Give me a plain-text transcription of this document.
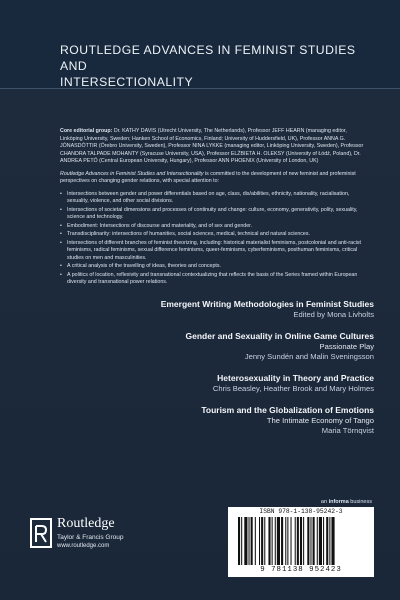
ROUTLEDGE ADVANCES IN FEMINIST STUDIES AND
INTERSECTIONALITY

Core editorial group: Dr. KATHY DAVIS (Utrecht University, The Netherlands), Professor JEFF HEARN (managing editor, Linköping University, Sweden; Hanken School of Economics, Finland; University of Huddersfield, UK), Professor ANNA G. JÓNASDÓTTIR (Örebro University, Sweden), Professor NINA LYKKE (managing editor, Linköping University, Sweden), Professor CHANDRA TALPADE MOHANTY (Syracuse University, USA), Professor ELŻBIETA H. OLEKSY (University of Łódź, Poland), Dr. ANDREA PETŐ (Central European University, Hungary), Professor ANN PHOENIX (University of London, UK)

Routledge Advances in Feminist Studies and Intersectionality is committed to the development of new feminist and profeminist perspectives on changing gender relations, with special attention to:

• Intersections between gender and power differentials based on age, class, dis/abilities, ethnicity, nationality, racialisation, sexuality, violence, and other social divisions.
• Intersections of societal dimensions and processes of continuity and change: culture, economy, generativity, polity, sexuality, science and technology.
• Embodiment: Intersections of discourse and materiality, and of sex and gender.
• Transdisciplinarity: intersections of humanities, social sciences, medical, technical and natural sciences.
• Intersections of different branches of feminist theorizing, including: historical materialist feminisms, postcolonial and anti-racist feminisms, radical feminisms, sexual difference feminisms, queer-feminisms, cyberfeminisms, posthuman feminisms, critical studies on men and masculinities.
• A critical analysis of the travelling of ideas, theories and concepts.
• A politics of location, reflexivity and transnational contextualizing that reflects the basis of the Series framed within European diversity and transnational power relations.
Emergent Writing Methodologies in Feminist Studies
Edited by Mona Livholts
Gender and Sexuality in Online Game Cultures
Passionate Play
Jenny Sundén and Malin Sveningsson
Heterosexuality in Theory and Practice
Chris Beasley, Heather Brook and Mary Holmes
Tourism and the Globalization of Emotions
The Intimate Economy of Tango
Maria Törnqvist
Routledge
Taylor & Francis Group
www.routledge.com
an informa business
ISBN 978-1-138-95242-3
9 781138 952423
